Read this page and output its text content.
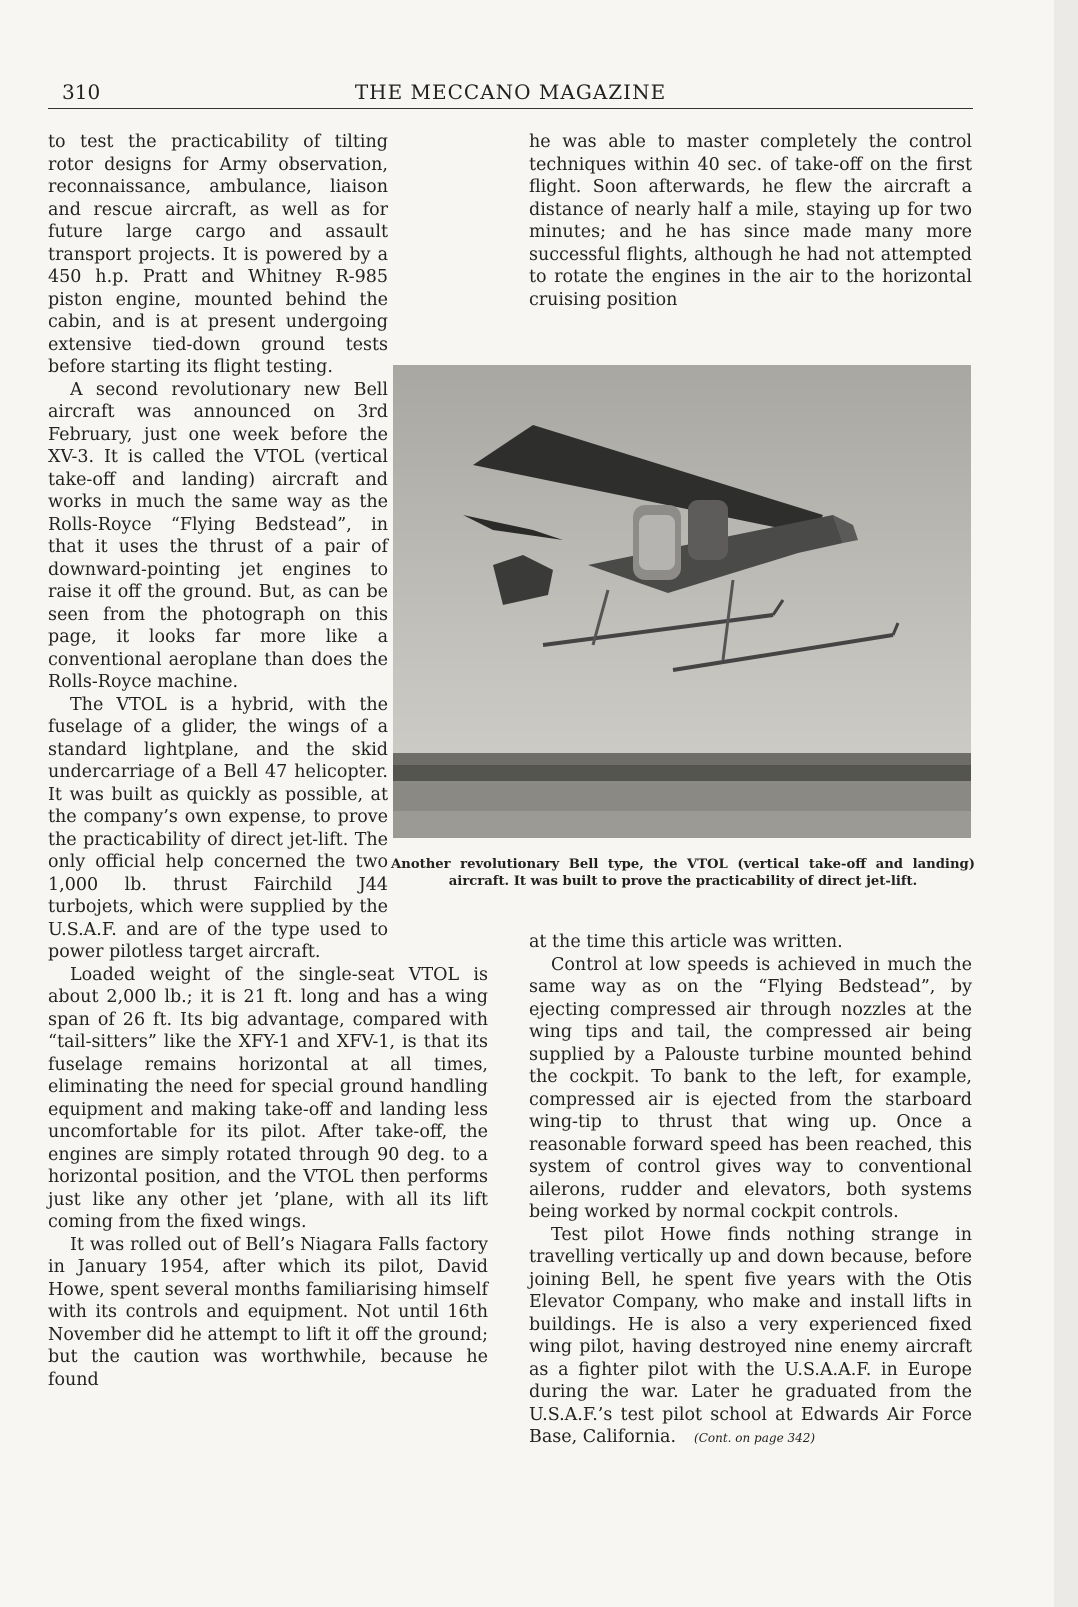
310	THE MECCANO MAGAZINE

to test the practicability of tilting rotor designs for Army observation, reconnaissance, ambulance, liaison and rescue aircraft, as well as for future large cargo and assault transport projects. It is powered by a 450 h.p. Pratt and Whitney R-985 piston engine, mounted behind the cabin, and is at present undergoing extensive tied-down ground tests before starting its flight testing.

A second revolutionary new Bell aircraft was announced on 3rd February, just one week before the XV-3. It is called the VTOL (vertical take-off and landing) aircraft and works in much the same way as the Rolls-Royce “Flying Bedstead”, in that it uses the thrust of a pair of downward-pointing jet engines to raise it off the ground. But, as can be seen from the photograph on this page, it looks far more like a conventional aeroplane than does the Rolls-Royce machine.

The VTOL is a hybrid, with the fuselage of a glider, the wings of a standard lightplane, and the skid undercarriage of a Bell 47 helicopter. It was built as quickly as possible, at the company’s own expense, to prove the practicability of direct jet-lift. The only official help concerned the two 1,000 lb. thrust Fairchild J44 turbojets, which were supplied by the U.S.A.F. and are of the type used to power pilotless target aircraft.

Loaded weight of the single-seat VTOL is about 2,000 lb.; it is 21 ft. long and has a wing span of 26 ft. Its big advantage, compared with “tail-sitters” like the XFY-1 and XFV-1, is that its fuselage remains horizontal at all times, eliminating the need for special ground handling equipment and making take-off and landing less uncomfortable for its pilot. After take-off, the engines are simply rotated through 90 deg. to a horizontal position, and the VTOL then performs just like any other jet ’plane, with all its lift coming from the fixed wings.

It was rolled out of Bell’s Niagara Falls factory in January 1954, after which its pilot, David Howe, spent several months familiarising himself with its controls and equipment. Not until 16th November did he attempt to lift it off the ground; but the caution was worthwhile, because he found

he was able to master completely the control techniques within 40 sec. of take-off on the first flight. Soon afterwards, he flew the aircraft a distance of nearly half a mile, staying up for two minutes; and he has since made many more successful flights, although he had not attempted to rotate the engines in the air to the horizontal cruising position

at the time this article was written.

Control at low speeds is achieved in much the same way as on the “Flying Bedstead”, by ejecting compressed air through nozzles at the wing tips and tail, the compressed air being supplied by a Palouste turbine mounted behind the cockpit. To bank to the left, for example, compressed air is ejected from the starboard wing-tip to thrust that wing up. Once a reasonable forward speed has been reached, this system of control gives way to conventional ailerons, rudder and elevators, both systems being worked by normal cockpit controls.

Test pilot Howe finds nothing strange in travelling vertically up and down because, before joining Bell, he spent five years with the Otis Elevator Company, who make and install lifts in buildings. He is also a very experienced fixed wing pilot, having destroyed nine enemy aircraft as a fighter pilot with the U.S.A.A.F. in Europe during the war. Later he graduated from the U.S.A.F.’s test pilot school at Edwards Air Force Base, California. (Cont. on page 342)

Another revolutionary Bell type, the VTOL (vertical take-off and landing) aircraft. It was built to prove the practicability of direct jet-lift.
